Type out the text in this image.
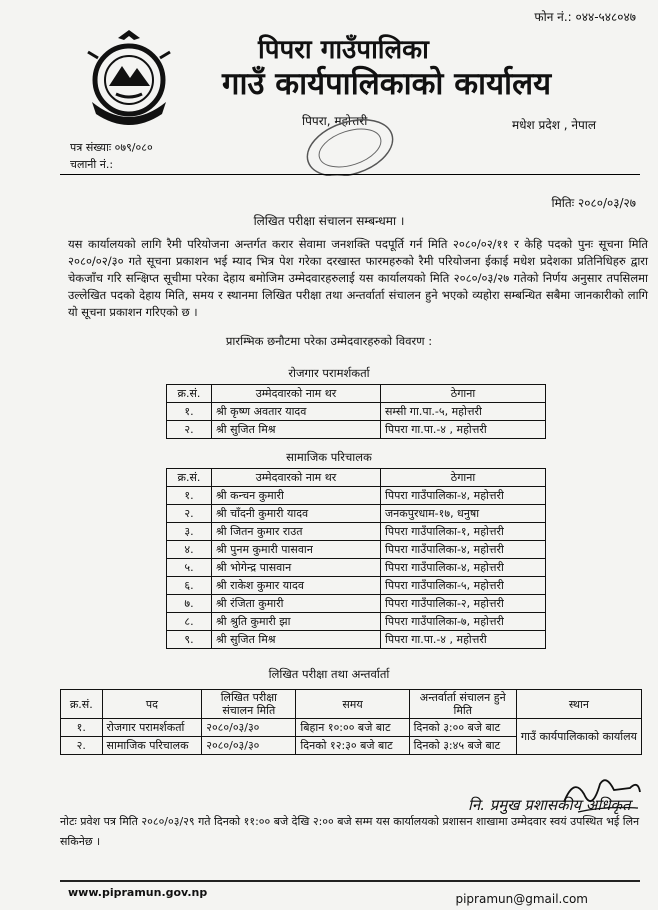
फोन नं.: ०४४-५४८०४७
पिपरा गाउँपालिका
गाउँ कार्यपालिकाको कार्यालय
पिपरा, महोत्तरी	मधेश प्रदेश , नेपाल
पत्र संख्याः ०७९/०८०
चलानी नं.:
मितिः २०८०/०३/२७
लिखित परीक्षा संचालन सम्बन्धमा ।
यस कार्यालयको लागि रैमी परियोजना अन्तर्गत करार सेवामा जनशक्ति पदपूर्ति गर्न मिति २०८०/०२/११ र केहि पदको पुनः सूचना मिति २०८०/०२/३० गते सूचना प्रकाशन भई म्याद भित्र पेश गरेका दरखास्त फारमहरुको रैमी परियोजना ईकाई मधेश प्रदेशका प्रतिनिधिहरु द्वारा चेकजाँच गरि सन्क्षिप्त सूचीमा परेका देहाय बमोजिम उम्मेदवारहरुलाई यस कार्यालयको मिति २०८०/०३/२७ गतेको निर्णय अनुसार तपसिलमा उल्लेखित पदको देहाय मिति, समय र स्थानमा लिखित परीक्षा तथा अन्तर्वार्ता संचालन हुने भएको व्यहोरा सम्बन्धित सबैमा जानकारीको लागि यो सूचना प्रकाशन गरिएको छ ।
प्रारम्भिक छनौटमा परेका उम्मेदवारहरुको विवरण :
रोजगार परामर्शकर्ता
क्र.सं.	उम्मेदवारको नाम थर	ठेगाना
१.	श्री कृष्ण अवतार यादव	सम्सी गा.पा.-५, महोत्तरी
२.	श्री सुजित मिश्र	पिपरा गा.पा.-४ , महोत्तरी
सामाजिक परिचालक
क्र.सं.	उम्मेदवारको नाम थर	ठेगाना
१.	श्री कन्चन कुमारी	पिपरा गाउँपालिका-४, महोत्तरी
२.	श्री चाँदनी कुमारी यादव	जनकपुरधाम-१७, धनुषा
३.	श्री जितन कुमार राउत	पिपरा गाउँपालिका-१, महोत्तरी
४.	श्री पुनम कुमारी पासवान	पिपरा गाउँपालिका-४, महोत्तरी
५.	श्री भोगेन्द्र पासवान	पिपरा गाउँपालिका-४, महोत्तरी
६.	श्री राकेश कुमार यादव	पिपरा गाउँपालिका-५, महोत्तरी
७.	श्री रंजिता कुमारी	पिपरा गाउँपालिका-२, महोत्तरी
८.	श्री श्रुति कुमारी झा	पिपरा गाउँपालिका-७, महोत्तरी
९.	श्री सुजित मिश्र	पिपरा गा.पा.-४ , महोत्तरी
लिखित परीक्षा तथा अन्तर्वार्ता
क्र.सं.	पद	लिखित परीक्षा संचालन मिति	समय	अन्तर्वार्ता संचालन हुने मिति	स्थान
१.	रोजगार परामर्शकर्ता	२०८०/०३/३०	बिहान १०:०० बजे बाट	दिनको ३:०० बजे बाट	गाउँ कार्यपालिकाको कार्यालय
२.	सामाजिक परिचालक	२०८०/०३/३०	दिनको १२:३० बजे बाट	दिनको ३:४५ बजे बाट	
नि. प्रमुख प्रशासकीय अधिकृत
नोटः प्रवेश पत्र मिति २०८०/०३/२९ गते दिनको ११:०० बजे देखि २:०० बजे सम्म यस कार्यालयको प्रशासन शाखामा उम्मेदवार स्वयं उपस्थित भई लिन सकिनेछ ।
www.pipramun.gov.np	pipramun@gmail.com
